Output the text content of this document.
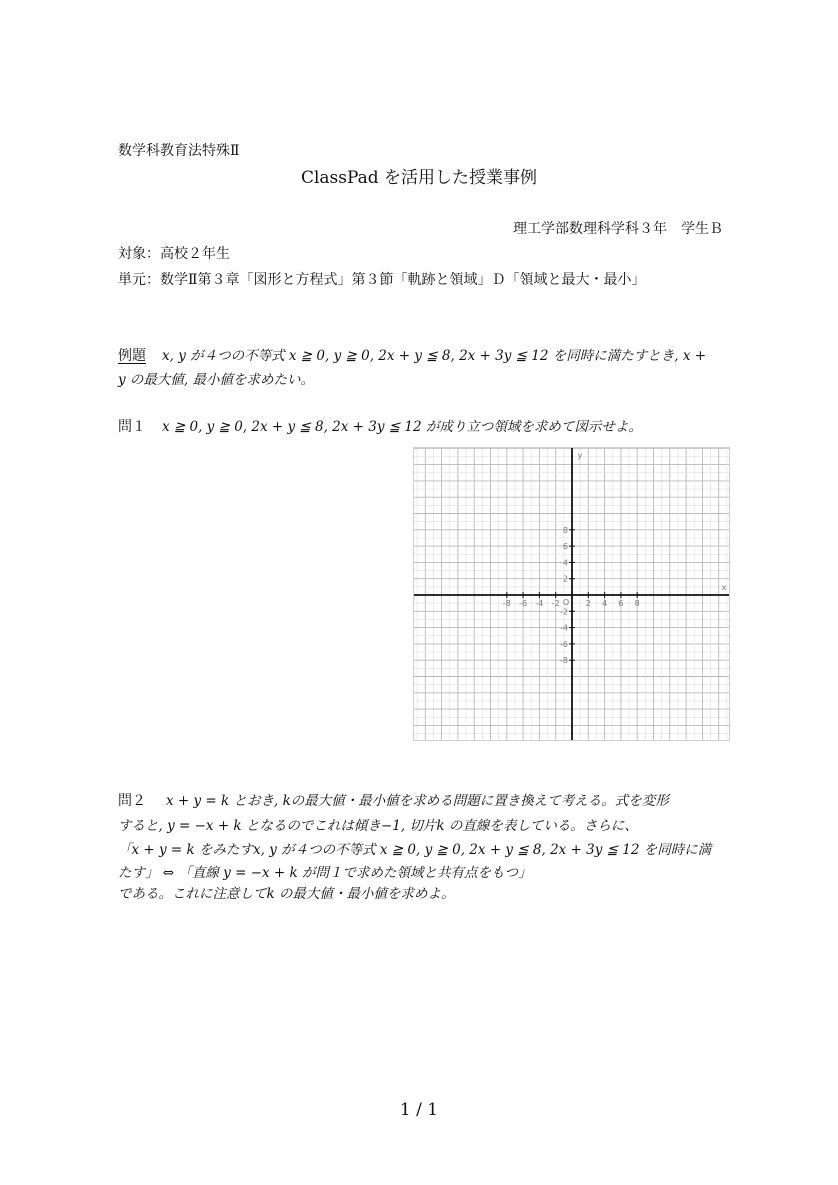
数学科教育法特殊Ⅱ
ClassPad を活用した授業事例
理工学部数理科学科３年　学生Ｂ
対象：高校２年生
単元：数学Ⅱ第３章「図形と方程式」第３節「軌跡と領域」Ｄ「領域と最大・最小」
例題 x, y が４つの不等式 x ≧ 0, y ≧ 0, 2x + y ≦ 8, 2x + 3y ≦ 12 を同時に満たすとき, x +
y の最大値, 最小値を求めたい。
問１ x ≧ 0, y ≧ 0, 2x + y ≦ 8, 2x + 3y ≦ 12 が成り立つ領域を求めて図示せよ。
-8 -6 -4 -2	2 4 6 8
8
6
4
2
-2
-4
-6
-8
O
x
y
問２ x + y = k とおき, kの最大値・最小値を求める問題に置き換えて考える。式を変形
すると, y = −x + k となるのでこれは傾き−1, 切片k の直線を表している。さらに、
「x + y = k をみたすx, y が４つの不等式 x ≧ 0, y ≧ 0, 2x + y ≦ 8, 2x + 3y ≦ 12 を同時に満
たす」 ⇔ 「直線 y = −x + k が問１で求めた領域と共有点をもつ」
である。これに注意してk の最大値・最小値を求めよ。
1 / 1
